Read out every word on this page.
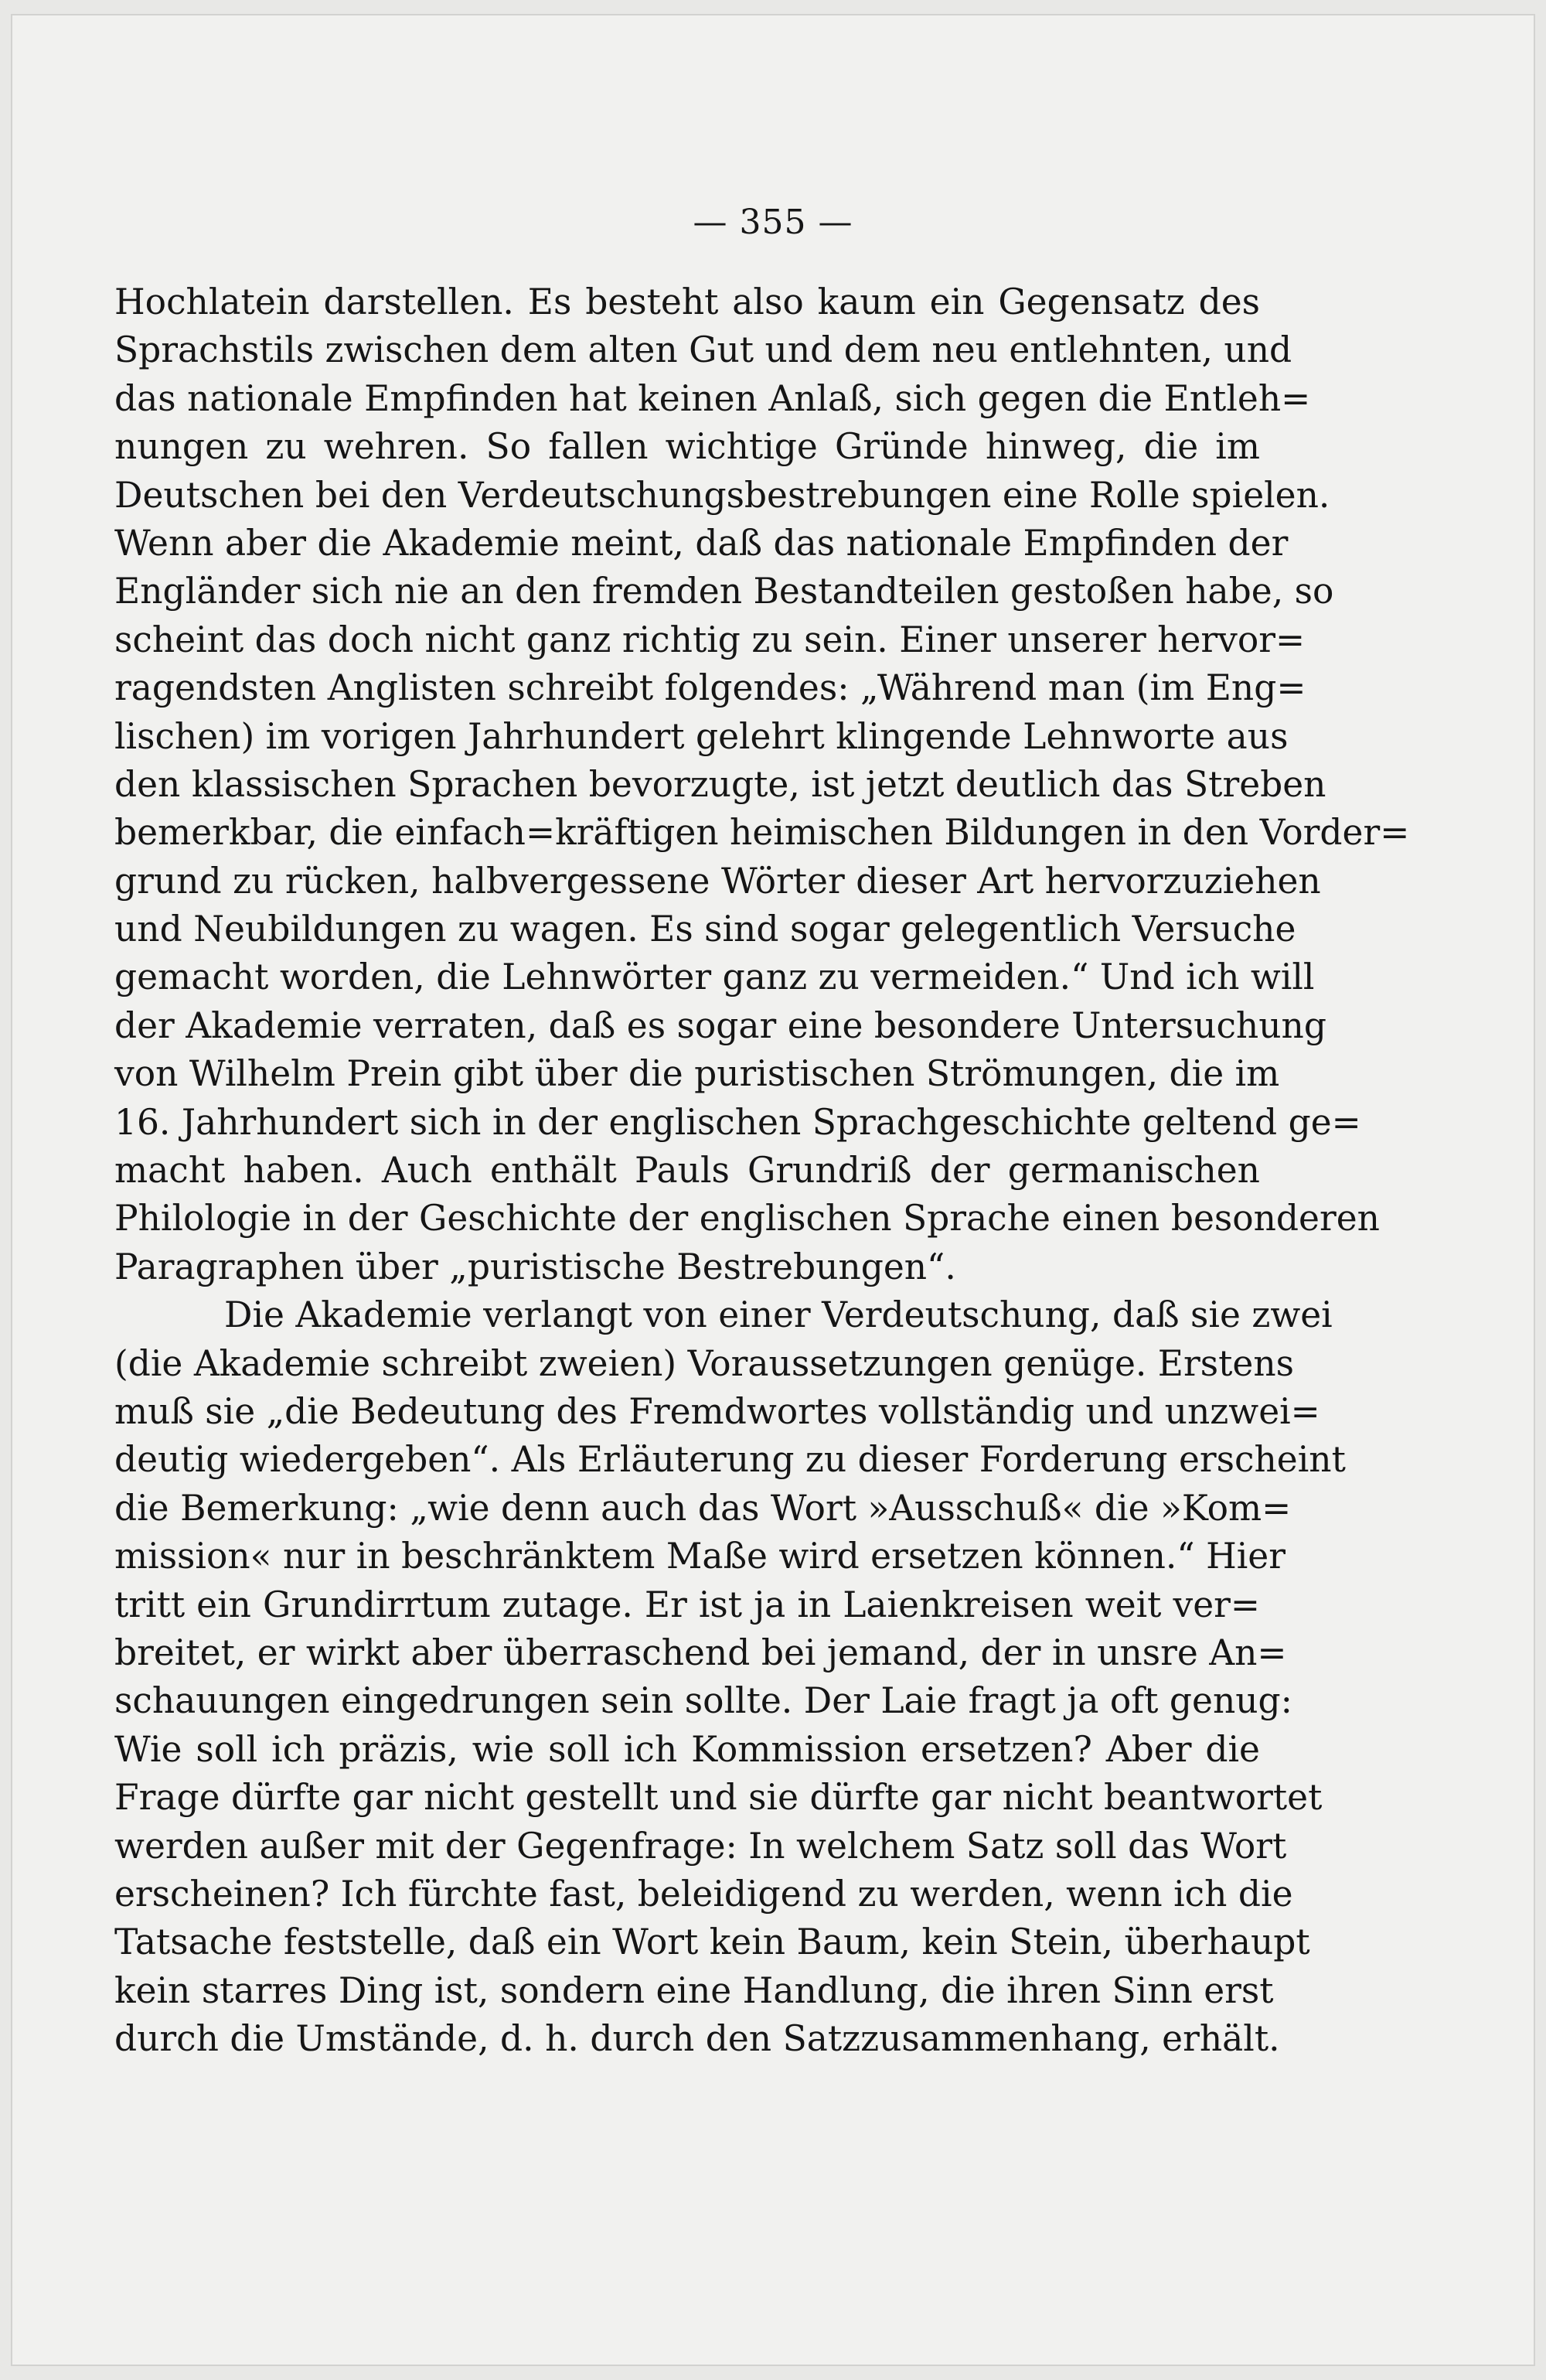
— 355 —
Hochlatein darstellen. Es besteht also kaum ein Gegensatz des
Sprachstils zwischen dem alten Gut und dem neu entlehnten, und
das nationale Empfinden hat keinen Anlaß, sich gegen die Entleh=
nungen zu wehren. So fallen wichtige Gründe hinweg, die im
Deutschen bei den Verdeutschungsbestrebungen eine Rolle spielen.
Wenn aber die Akademie meint, daß das nationale Empfinden der
Engländer sich nie an den fremden Bestandteilen gestoßen habe, so
scheint das doch nicht ganz richtig zu sein. Einer unserer hervor=
ragendsten Anglisten schreibt folgendes: „Während man (im Eng=
lischen) im vorigen Jahrhundert gelehrt klingende Lehnworte aus
den klassischen Sprachen bevorzugte, ist jetzt deutlich das Streben
bemerkbar, die einfach=kräftigen heimischen Bildungen in den Vorder=
grund zu rücken, halbvergessene Wörter dieser Art hervorzuziehen
und Neubildungen zu wagen. Es sind sogar gelegentlich Versuche
gemacht worden, die Lehnwörter ganz zu vermeiden.“ Und ich will
der Akademie verraten, daß es sogar eine besondere Untersuchung
von Wilhelm Prein gibt über die puristischen Strömungen, die im
16. Jahrhundert sich in der englischen Sprachgeschichte geltend ge=
macht haben. Auch enthält Pauls Grundriß der germanischen
Philologie in der Geschichte der englischen Sprache einen besonderen
Paragraphen über „puristische Bestrebungen“.
Die Akademie verlangt von einer Verdeutschung, daß sie zwei
(die Akademie schreibt zweien) Voraussetzungen genüge. Erstens
muß sie „die Bedeutung des Fremdwortes vollständig und unzwei=
deutig wiedergeben“. Als Erläuterung zu dieser Forderung erscheint
die Bemerkung: „wie denn auch das Wort »Ausschuß« die »Kom=
mission« nur in beschränktem Maße wird ersetzen können.“ Hier
tritt ein Grundirrtum zutage. Er ist ja in Laienkreisen weit ver=
breitet, er wirkt aber überraschend bei jemand, der in unsre An=
schauungen eingedrungen sein sollte. Der Laie fragt ja oft genug:
Wie soll ich präzis, wie soll ich Kommission ersetzen? Aber die
Frage dürfte gar nicht gestellt und sie dürfte gar nicht beantwortet
werden außer mit der Gegenfrage: In welchem Satz soll das Wort
erscheinen? Ich fürchte fast, beleidigend zu werden, wenn ich die
Tatsache feststelle, daß ein Wort kein Baum, kein Stein, überhaupt
kein starres Ding ist, sondern eine Handlung, die ihren Sinn erst
durch die Umstände, d. h. durch den Satzzusammenhang, erhält.
